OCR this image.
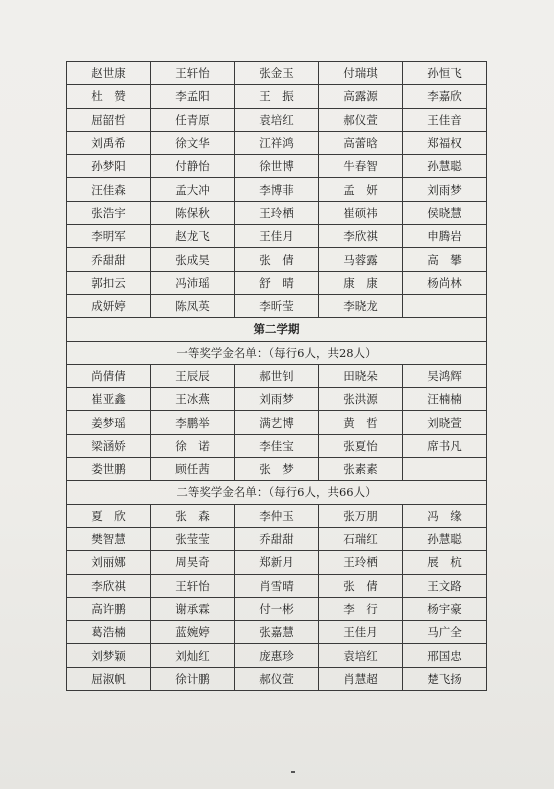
赵世康	王轩怡	张金玉	付瑞琪	孙恒飞	
杜　赞	李孟阳	王　振	高露源	李嘉欣	
屈韶哲	任青原	袁培红	郝仪萱	王佳音	
刘禹希	徐文华	江祥鸿	高蕾晗	郑福权	
孙梦阳	付静怡	徐世博	牛春智	孙慧聪	
汪佳森	孟大冲	李博菲	孟　妍	刘雨梦	
张浩宇	陈保秋	王玲栖	崔硕祎	侯晓慧	
李明军	赵龙飞	王佳月	李欣祺	申腾岩	
乔甜甜	张成昊	张　倩	马蓉露	高　攀	
郭扣云	冯沛瑶	舒　晴	康　康	杨尚林	
成妍婷	陈凤英	李昕莹	李晓龙		
第二学期					
一等奖学金名单：（每行6人，共28人）					
尚倩倩	王辰辰	郝世钊	田晓朵	吴鸿辉	
崔亚鑫	王冰燕	刘雨梦	张洪源	汪楠楠	
姜梦瑶	李鹏举	满艺博	黄　哲	刘晓萱	
梁涵娇	徐　诺	李佳宝	张夏怡	席书凡	
娄世鹏	顾任茜	张　梦	张素素		
二等奖学金名单：（每行6人，共66人）					
夏　欣	张　森	李仲玉	张万朋	冯　缘	
樊智慧	张莹莹	乔甜甜	石瑞红	孙慧聪	
刘丽娜	周昊奇	郑新月	王玲栖	展　杭	
李欣祺	王轩怡	肖雪晴	张　倩	王文路	
高许鹏	谢承霖	付一彬	李　行	杨宇豪	
葛浩楠	蓝婉婷	张嘉慧	王佳月	马广全	
刘梦颖	刘灿红	庞惠珍	袁培红	邢国忠	
屈淑帆	徐计鹏	郝仪萱	肖慧超	楚飞扬	
